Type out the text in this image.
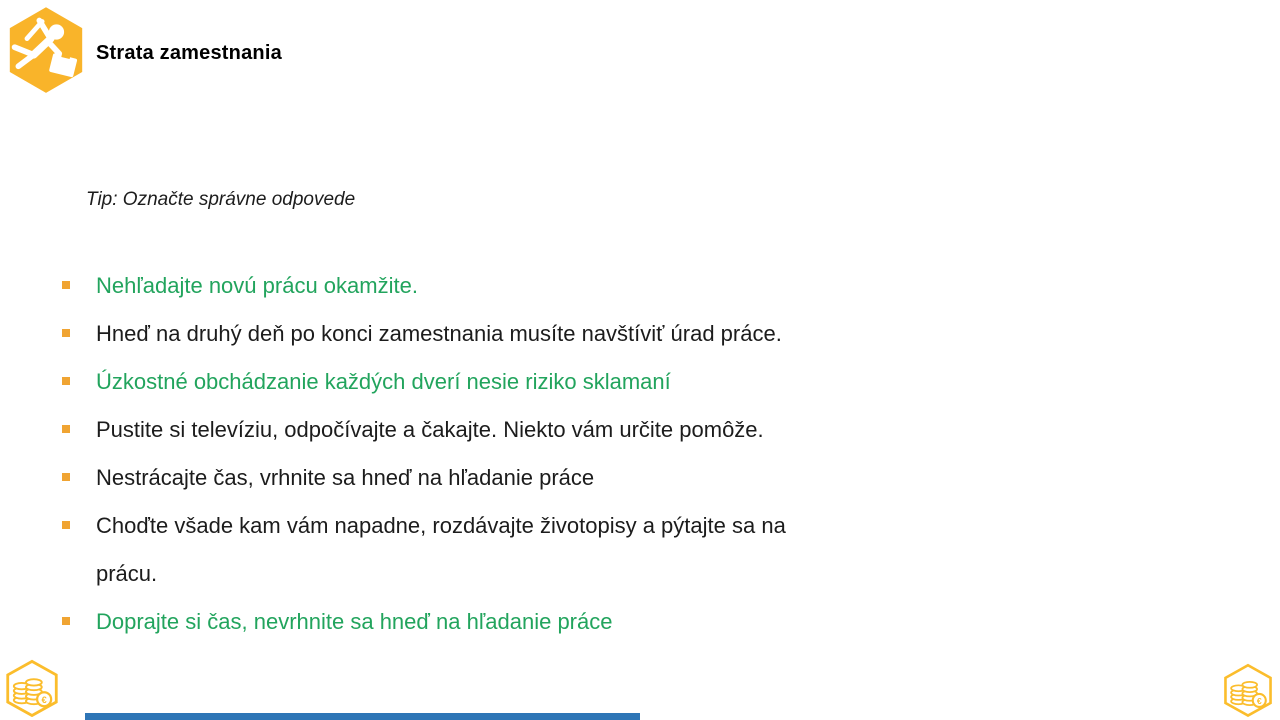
Strata zamestnania
Tip: Označte správne odpovede
Nehľadajte novú prácu okamžite.
Hneď na druhý deň po konci zamestnania musíte navštíviť úrad práce.
Úzkostné obchádzanie každých dverí nesie riziko sklamaní
Pustite si televíziu, odpočívajte a čakajte. Niekto vám určite pomôže.
Nestrácajte čas, vrhnite sa hneď na hľadanie práce
Choďte všade kam vám napadne, rozdávajte životopisy a pýtajte sa na prácu.
Doprajte si čas, nevrhnite sa hneď na hľadanie práce
